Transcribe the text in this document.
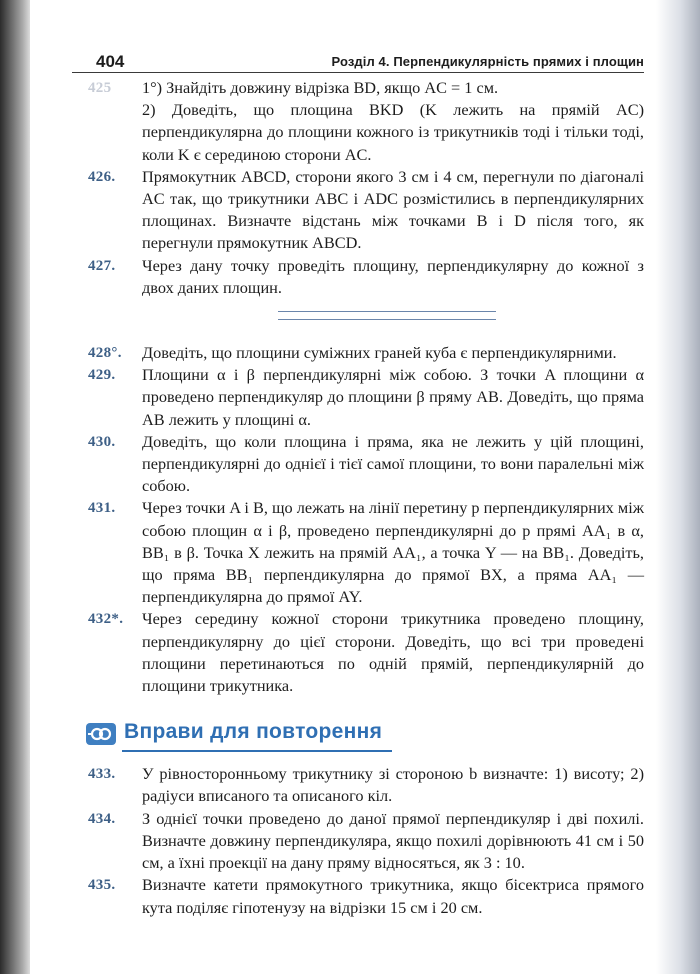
404	Розділ 4. Перпендикулярність прямих і площин
425 1°) Знайдіть довжину відрізка BD, якщо AC = 1 см.
2) Доведіть, що площина BKD (K лежить на прямій AC) перпендикулярна до площини кожного із трикутників тоді і тільки тоді, коли K є серединою сторони AC.
426. Прямокутник ABCD, сторони якого 3 см і 4 см, перегнули по діагоналі AC так, що трикутники ABC і ADC розмістились в перпендикулярних площинах. Визначте відстань між точками B і D після того, як перегнули прямокутник ABCD.
427. Через дану точку проведіть площину, перпендикулярну до кожної з двох даних площин.
428°. Доведіть, що площини суміжних граней куба є перпендикулярними.
429. Площини α і β перпендикулярні між собою. З точки A площини α проведено перпендикуляр до площини β пряму AB. Доведіть, що пряма AB лежить у площині α.
430. Доведіть, що коли площина і пряма, яка не лежить у цій площині, перпендикулярні до однієї і тієї самої площини, то вони паралельні між собою.
431. Через точки A і B, що лежать на лінії перетину p перпендикулярних між собою площин α і β, проведено перпендикулярні до p прямі AA₁ в α, BB₁ в β. Точка X лежить на прямій AA₁, а точка Y — на BB₁. Доведіть, що пряма BB₁ перпендикулярна до прямої BX, а пряма AA₁ — перпендикулярна до прямої AY.
432*. Через середину кожної сторони трикутника проведено площину, перпендикулярну до цієї сторони. Доведіть, що всі три проведені площини перетинаються по одній прямій, перпендикулярній до площини трикутника.
Вправи для повторення
433. У рівносторонньому трикутнику зі стороною b визначте: 1) висоту; 2) радіуси вписаного та описаного кіл.
434. З однієї точки проведено до даної прямої перпендикуляр і дві похилі. Визначте довжину перпендикуляра, якщо похилі дорівнюють 41 см і 50 см, а їхні проекції на дану пряму відносяться, як 3 : 10.
435. Визначте катети прямокутного трикутника, якщо бісектриса прямого кута поділяє гіпотенузу на відрізки 15 см і 20 см.
